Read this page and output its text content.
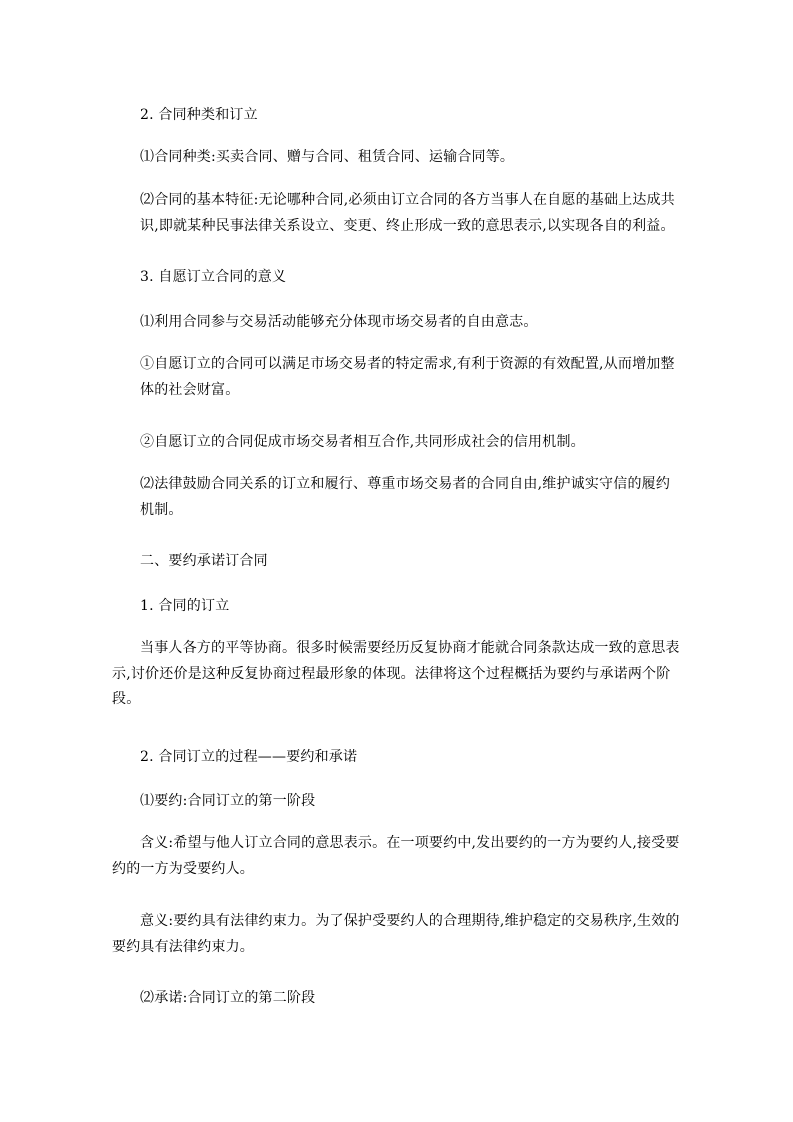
2. 合同种类和订立

⑴合同种类:买卖合同、赠与合同、租赁合同、运输合同等。

⑵合同的基本特征:无论哪种合同,必须由订立合同的各方当事人在自愿的基础上达成共识,即就某种民事法律关系设立、变更、终止形成一致的意思表示,以实现各自的利益。

3. 自愿订立合同的意义

⑴利用合同参与交易活动能够充分体现市场交易者的自由意志。

①自愿订立的合同可以满足市场交易者的特定需求,有利于资源的有效配置,从而增加整体的社会财富。

②自愿订立的合同促成市场交易者相互合作,共同形成社会的信用机制。

⑵法律鼓励合同关系的订立和履行、尊重市场交易者的合同自由,维护诚实守信的履约机制。

二、要约承诺订合同

1. 合同的订立

当事人各方的平等协商。很多时候需要经历反复协商才能就合同条款达成一致的意思表示,讨价还价是这种反复协商过程最形象的体现。法律将这个过程概括为要约与承诺两个阶段。

2. 合同订立的过程——要约和承诺

⑴要约:合同订立的第一阶段

含义:希望与他人订立合同的意思表示。在一项要约中,发出要约的一方为要约人,接受要约的一方为受要约人。

意义:要约具有法律约束力。为了保护受要约人的合理期待,维护稳定的交易秩序,生效的要约具有法律约束力。

⑵承诺:合同订立的第二阶段
